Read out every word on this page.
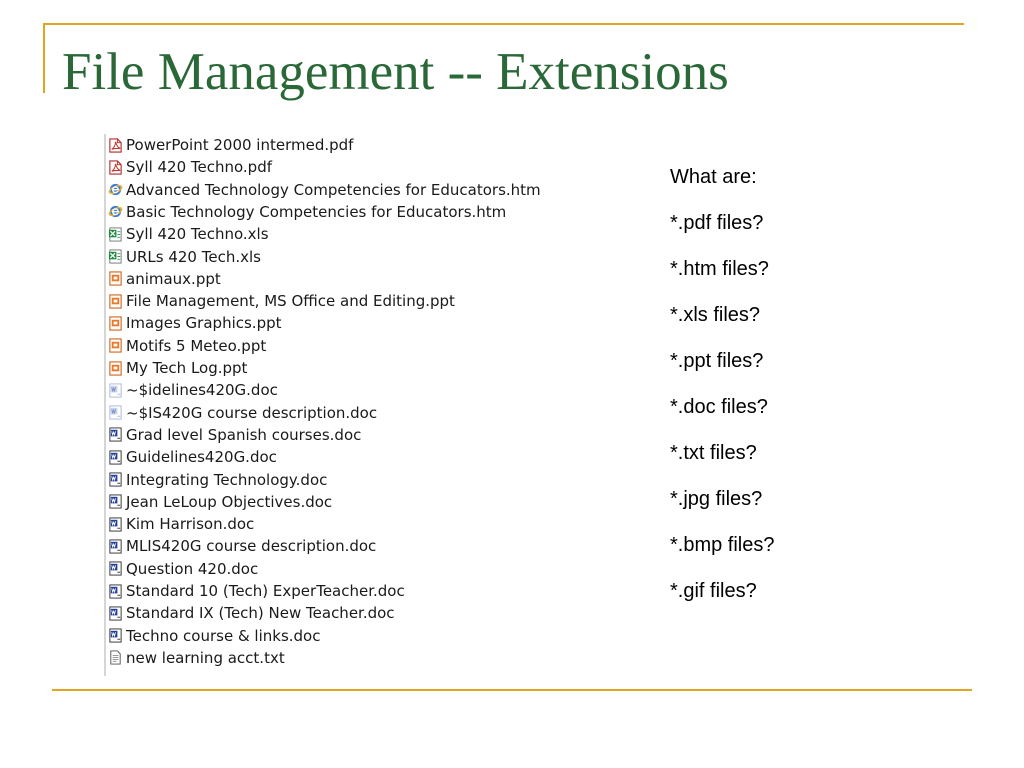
File Management -- Extensions
PowerPoint 2000 intermed.pdf
Syll 420 Techno.pdf
Advanced Technology Competencies for Educators.htm
Basic Technology Competencies for Educators.htm
Syll 420 Techno.xls
URLs 420 Tech.xls
animaux.ppt
File Management, MS Office and Editing.ppt
Images Graphics.ppt
Motifs 5 Meteo.ppt
My Tech Log.ppt
~$idelines420G.doc
~$IS420G course description.doc
Grad level Spanish courses.doc
Guidelines420G.doc
Integrating Technology.doc
Jean LeLoup Objectives.doc
Kim Harrison.doc
MLIS420G course description.doc
Question 420.doc
Standard 10 (Tech) ExperTeacher.doc
Standard IX (Tech) New Teacher.doc
Techno course & links.doc
new learning acct.txt
What are:
*.pdf files?
*.htm files?
*.xls files?
*.ppt files?
*.doc files?
*.txt files?
*.jpg files?
*.bmp files?
*.gif files?
